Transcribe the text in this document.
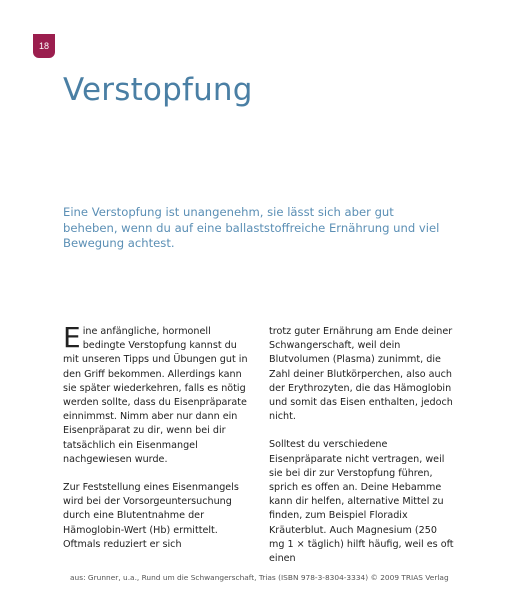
18
Verstopfung

Eine Verstopfung ist unangenehm, sie lässt sich aber gut beheben, wenn du auf eine ballaststoffreiche Ernährung und viel Bewegung achtest.

Eine anfängliche, hormonell bedingte Verstopfung kannst du mit unseren Tipps und Übungen gut in den Griff bekommen. Allerdings kann sie später wiederkehren, falls es nötig werden sollte, dass du Eisenpräparate einnimmst. Nimm aber nur dann ein Eisenpräparat zu dir, wenn bei dir tatsächlich ein Eisenmangel nachgewiesen wurde.

Zur Feststellung eines Eisenmangels wird bei der Vorsorgeuntersuchung durch eine Blutentnahme der Hämoglobin-Wert (Hb) ermittelt. Oftmals reduziert er sich

trotz guter Ernährung am Ende deiner Schwangerschaft, weil dein Blutvolumen (Plasma) zunimmt, die Zahl deiner Blutkörperchen, also auch der Erythrozyten, die das Hämoglobin und somit das Eisen enthalten, jedoch nicht.

Solltest du verschiedene Eisenpräparate nicht vertragen, weil sie bei dir zur Verstopfung führen, sprich es offen an. Deine Hebamme kann dir helfen, alternative Mittel zu finden, zum Beispiel Floradix Kräuterblut. Auch Magnesium (250 mg 1 × täglich) hilft häufig, weil es oft einen

aus: Grunner, u.a., Rund um die Schwangerschaft, Trias (ISBN 978-3-8304-3334) © 2009 TRIAS Verlag
